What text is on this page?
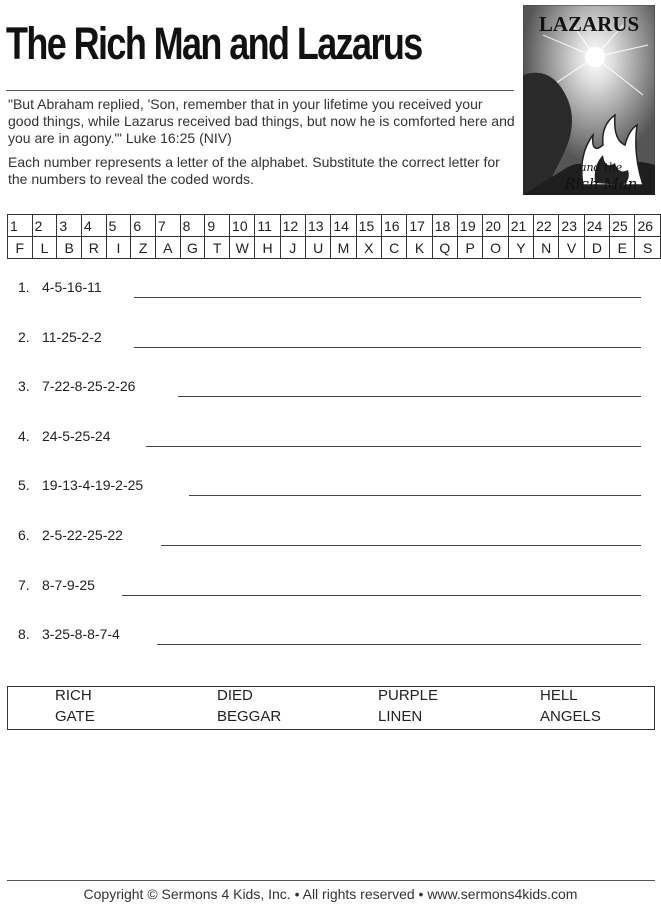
The Rich Man and Lazarus
"But Abraham replied, 'Son, remember that in your lifetime you received your good things, while Lazarus received bad things, but now he is comforted here and you are in agony.'" Luke 16:25 (NIV)
Each number represents a letter of the alphabet. Substitute the correct letter for the numbers to reveal the coded words.
LAZARUS
and the
Rich Man
1	2	3	4	5	6	7	8	9	10	11	12	13	14	15	16	17	18	19	20	21	22	23	24	25	26
F	L	B	R	I	Z	A	G	T	W	H	J	U	M	X	C	K	Q	P	O	Y	N	V	D	E	S
1. 4-5-16-11
2. 11-25-2-2
3. 7-22-8-25-2-26
4. 24-5-25-24
5. 19-13-4-19-2-25
6. 2-5-22-25-22
7. 8-7-9-25
8. 3-25-8-8-7-4
RICH	DIED	PURPLE	HELL
GATE	BEGGAR	LINEN	ANGELS
Copyright © Sermons 4 Kids, Inc. • All rights reserved • www.sermons4kids.com
